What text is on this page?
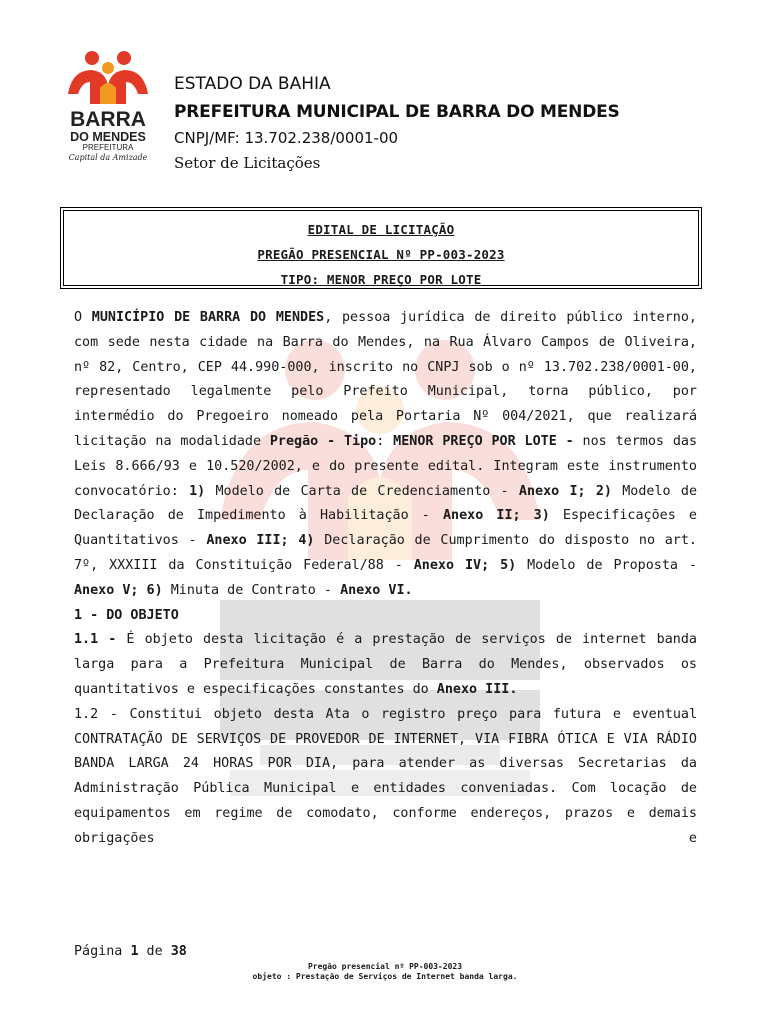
BARRA
DO MENDES
PREFEITURA
Capital da Amizade
ESTADO DA BAHIA
PREFEITURA MUNICIPAL DE BARRA DO MENDES
CNPJ/MF: 13.702.238/0001-00
Setor de Licitações
EDITAL DE LICITAÇÃO
PREGÃO PRESENCIAL Nº PP-003-2023
TIPO: MENOR PREÇO POR LOTE

O MUNICÍPIO DE BARRA DO MENDES, pessoa jurídica de direito público interno, com sede nesta cidade na Barra do Mendes, na Rua Álvaro Campos de Oliveira, nº 82, Centro, CEP 44.990-000, inscrito no CNPJ sob o nº 13.702.238/0001-00, representado legalmente pelo Prefeito Municipal, torna público, por intermédio do Pregoeiro nomeado pela Portaria Nº 004/2021, que realizará licitação na modalidade Pregão - Tipo: MENOR PREÇO POR LOTE - nos termos das Leis 8.666/93 e 10.520/2002, e do presente edital. Integram este instrumento convocatório: 1) Modelo de Carta de Credenciamento - Anexo I; 2) Modelo de Declaração de Impedimento à Habilitação - Anexo II; 3) Especificações e Quantitativos - Anexo III; 4) Declaração de Cumprimento do disposto no art. 7º, XXXIII da Constituição Federal/88 - Anexo IV; 5) Modelo de Proposta - Anexo V; 6) Minuta de Contrato - Anexo VI.

1 - DO OBJETO

1.1 - É objeto desta licitação é a prestação de serviços de internet banda larga para a Prefeitura Municipal de Barra do Mendes, observados os quantitativos e especificações constantes do Anexo III.

1.2 - Constitui objeto desta Ata o registro preço para futura e eventual CONTRATAÇÃO DE SERVIÇOS DE PROVEDOR DE INTERNET, VIA FIBRA ÓTICA E VIA RÁDIO BANDA LARGA 24 HORAS POR DIA, para atender as diversas Secretarias da Administração Pública Municipal e entidades conveniadas. Com locação de equipamentos em regime de comodato, conforme endereços, prazos e demais obrigações e

Página 1 de 38
Pregão presencial nº PP-003-2023
objeto : Prestação de Serviços de Internet banda larga.
